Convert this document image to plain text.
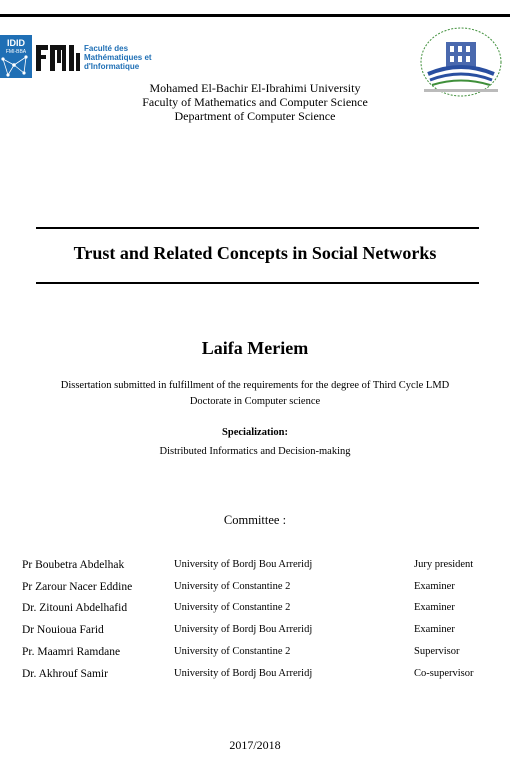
IDID
FMI-BBA	Faculté des Mathématiques et d'Informatique
Mohamed El-Bachir El-Ibrahimi University
Faculty of Mathematics and Computer Science
Department of Computer Science
Trust and Related Concepts in Social Networks
Laifa Meriem
Dissertation submitted in fulfillment of the requirements for the degree of Third Cycle LMD
Doctorate in Computer science
Specialization:
Distributed Informatics and Decision-making
Committee :
Pr Boubetra Abdelhak	University of Bordj Bou Arreridj	Jury president
Pr Zarour Nacer Eddine	University of Constantine 2	Examiner
Dr. Zitouni Abdelhafid	University of Constantine 2	Examiner
Dr Nouioua Farid	University of Bordj Bou Arreridj	Examiner
Pr. Maamri Ramdane	University of Constantine 2	Supervisor
Dr. Akhrouf Samir	University of Bordj Bou Arreridj	Co-supervisor
2017/2018
